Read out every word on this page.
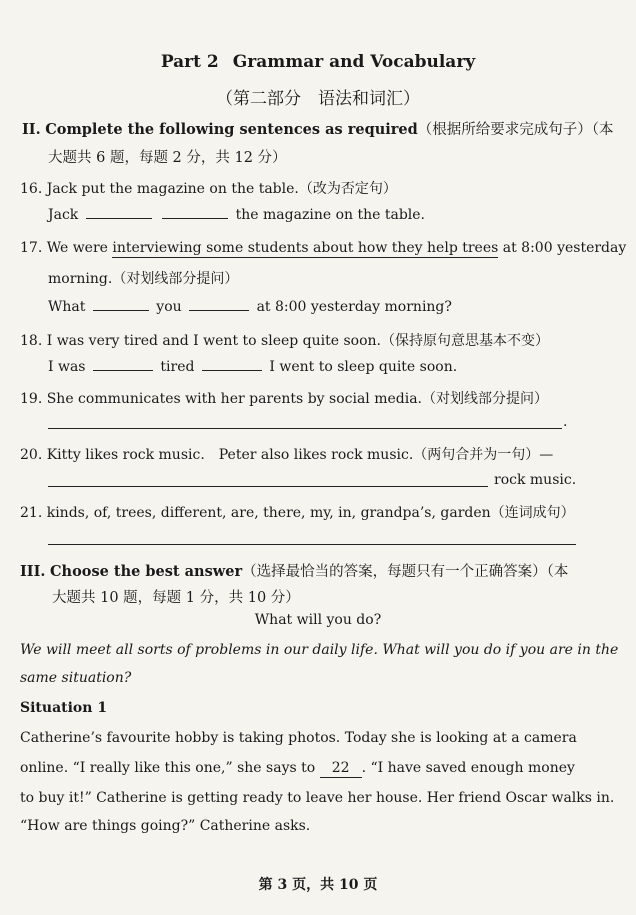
Part 2 Grammar and Vocabulary
（第二部分　语法和词汇）
II. Complete the following sentences as required（根据所给要求完成句子）（本
大题共 6 题，每题 2 分，共 12 分）
16. Jack put the magazine on the table.（改为否定句）
Jack	the magazine on the table.
17. We were interviewing some students about how they help trees at 8:00 yesterday
morning.（对划线部分提问）
What	you	at 8:00 yesterday morning?
18. I was very tired and I went to sleep quite soon.（保持原句意思基本不变）
I was	tired	I went to sleep quite soon.
19. She communicates with her parents by social media.（对划线部分提问）
.
20. Kitty likes rock music.　Peter also likes rock music.（两句合并为一句）—
rock music.
21. kinds, of, trees, different, are, there, my, in, grandpa’s, garden（连词成句）
III. Choose the best answer（选择最恰当的答案，每题只有一个正确答案）（本
大题共 10 题，每题 1 分，共 10 分）
What will you do?
We will meet all sorts of problems in our daily life. What will you do if you are in the
same situation?
Situation 1
Catherine’s favourite hobby is taking photos. Today she is looking at a camera
online. “I really like this one,” she says to 22 . “I have saved enough money
to buy it!” Catherine is getting ready to leave her house. Her friend Oscar walks in.
“How are things going?” Catherine asks.
第 3 页，共 10 页
